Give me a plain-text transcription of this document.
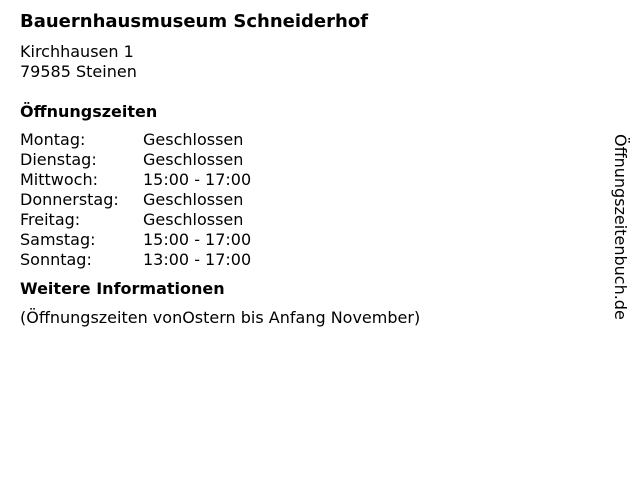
Bauernhausmuseum Schneiderhof
Kirchhausen 1
79585 Steinen
Öffnungszeiten
Montag:	Geschlossen
Dienstag:	Geschlossen
Mittwoch:	15:00 - 17:00
Donnerstag:	Geschlossen
Freitag:	Geschlossen
Samstag:	15:00 - 17:00
Sonntag:	13:00 - 17:00
Weitere Informationen
(Öffnungszeiten vonOstern bis Anfang November)	Öffnungszeitenbuch.de
